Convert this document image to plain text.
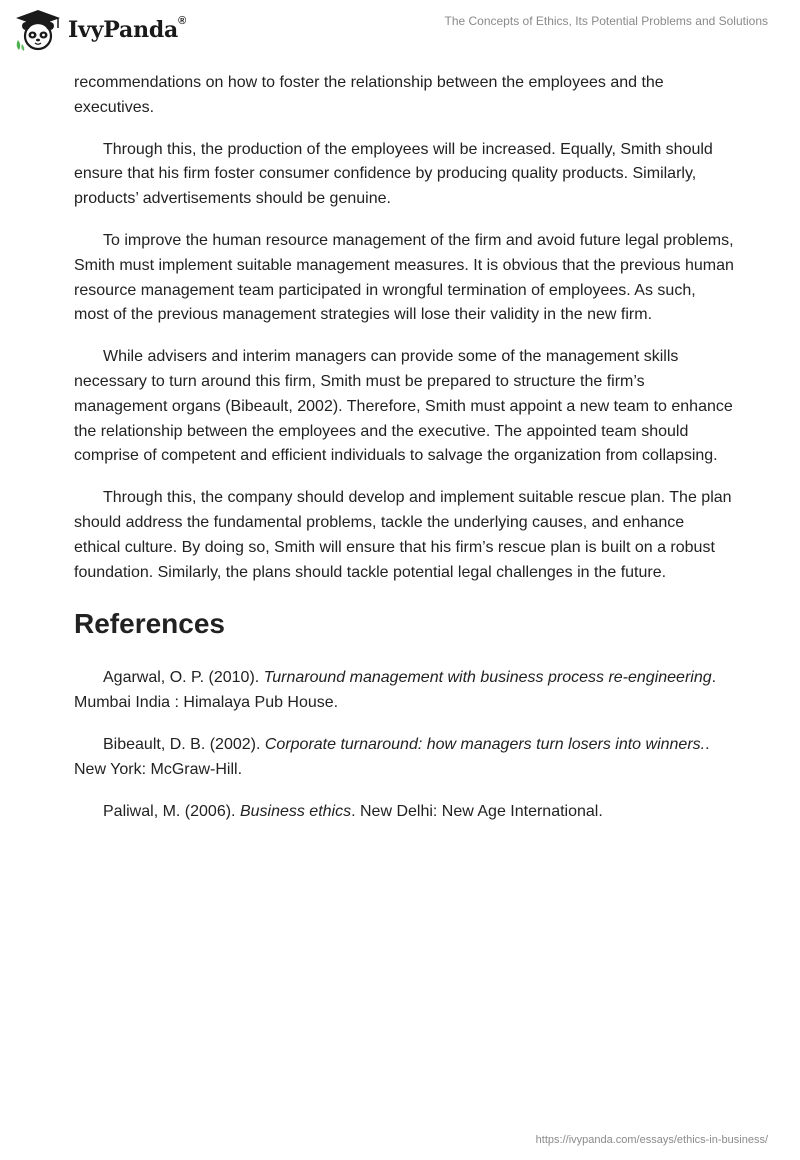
IvyPanda®	The Concepts of Ethics, Its Potential Problems and Solutions

recommendations on how to foster the relationship between the employees and the executives.

Through this, the production of the employees will be increased. Equally, Smith should ensure that his firm foster consumer confidence by producing quality products. Similarly, products’ advertisements should be genuine.

To improve the human resource management of the firm and avoid future legal problems, Smith must implement suitable management measures. It is obvious that the previous human resource management team participated in wrongful termination of employees. As such, most of the previous management strategies will lose their validity in the new firm.

While advisers and interim managers can provide some of the management skills necessary to turn around this firm, Smith must be prepared to structure the firm’s management organs (Bibeault, 2002). Therefore, Smith must appoint a new team to enhance the relationship between the employees and the executive. The appointed team should comprise of competent and efficient individuals to salvage the organization from collapsing.

Through this, the company should develop and implement suitable rescue plan. The plan should address the fundamental problems, tackle the underlying causes, and enhance ethical culture. By doing so, Smith will ensure that his firm’s rescue plan is built on a robust foundation. Similarly, the plans should tackle potential legal challenges in the future.

References
Agarwal, O. P. (2010). Turnaround management with business process re-engineering. Mumbai India : Himalaya Pub House.
Bibeault, D. B. (2002). Corporate turnaround: how managers turn losers into winners.. New York: McGraw-Hill.
Paliwal, M. (2006). Business ethics. New Delhi: New Age International.
https://ivypanda.com/essays/ethics-in-business/
